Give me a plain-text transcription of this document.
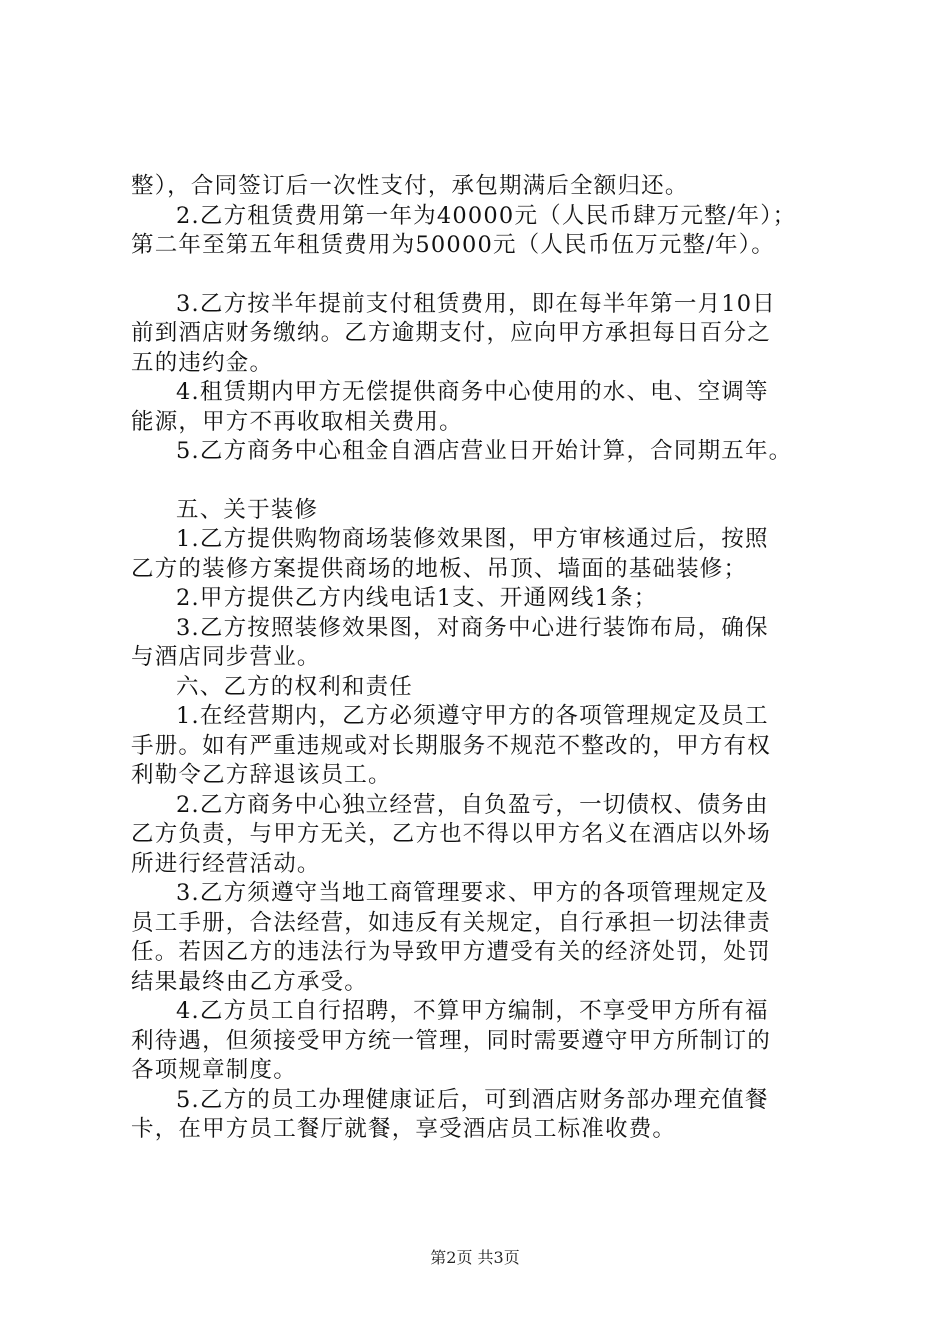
整），合同签订后一次性支付，承包期满后全额归还。
2.乙方租赁费用第一年为40000元（人民币肆万元整/年）；
第二年至第五年租赁费用为50000元（人民币伍万元整/年）。
3.乙方按半年提前支付租赁费用，即在每半年第一月10日
前到酒店财务缴纳。乙方逾期支付，应向甲方承担每日百分之
五的违约金。
4.租赁期内甲方无偿提供商务中心使用的水、电、空调等
能源，甲方不再收取相关费用。
5.乙方商务中心租金自酒店营业日开始计算，合同期五年。
五、关于装修
1.乙方提供购物商场装修效果图，甲方审核通过后，按照
乙方的装修方案提供商场的地板、吊顶、墙面的基础装修；
2.甲方提供乙方内线电话1支、开通网线1条；
3.乙方按照装修效果图，对商务中心进行装饰布局，确保
与酒店同步营业。
六、乙方的权利和责任
1.在经营期内，乙方必须遵守甲方的各项管理规定及员工
手册。如有严重违规或对长期服务不规范不整改的，甲方有权
利勒令乙方辞退该员工。
2.乙方商务中心独立经营，自负盈亏，一切债权、债务由
乙方负责，与甲方无关，乙方也不得以甲方名义在酒店以外场
所进行经营活动。
3.乙方须遵守当地工商管理要求、甲方的各项管理规定及
员工手册，合法经营，如违反有关规定，自行承担一切法律责
任。若因乙方的违法行为导致甲方遭受有关的经济处罚，处罚
结果最终由乙方承受。
4.乙方员工自行招聘，不算甲方编制，不享受甲方所有福
利待遇，但须接受甲方统一管理，同时需要遵守甲方所制订的
各项规章制度。
5.乙方的员工办理健康证后，可到酒店财务部办理充值餐
卡，在甲方员工餐厅就餐，享受酒店员工标准收费。
第2页 共3页
